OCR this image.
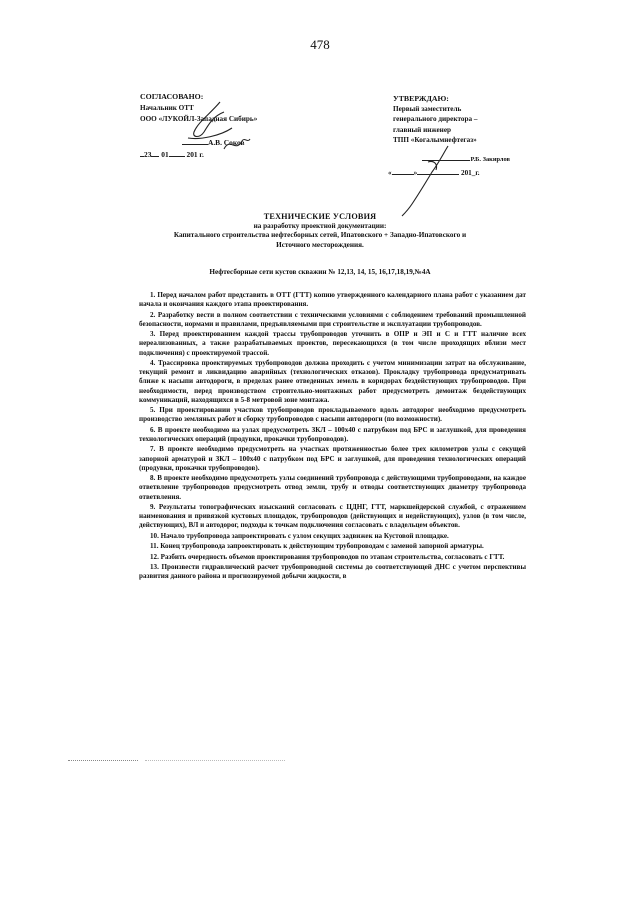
478
СОГЛАСОВАНО:
Начальник ОТТ
ООО «ЛУКОЙЛ-Западная Сибирь»
А.В. Соков
23 01 201 г.
УТВЕРЖДАЮ:
Первый заместитель
генерального директора –
главный инженер
ТПП «Когалымнефтегаз»
Р.Б. Закирлов
«	»	201_г.
ТЕХНИЧЕСКИЕ УСЛОВИЯ
на разработку проектной документации:
Капитального строительства нефтесборных сетей, Ипатовского + Западно-Ипатовского и
Источного месторождения.
Нефтесборные сети кустов скважин № 12,13, 14, 15, 16,17,18,19,№4А

1. Перед началом работ представить в ОТТ (ГТТ) копию утвержденного календарного плана работ с указанием дат начала и окончания каждого этапа проектирования.

2. Разработку вести в полном соответствии с техническими условиями с соблюдением требований промышленной безопасности, нормами и правилами, предъявляемыми при строительстве и эксплуатации трубопроводов.

3. Перед проектированием каждой трассы трубопроводов уточнить в ОПР и ЭП и С и ГТТ наличие всех нереализованных, а также разрабатываемых проектов, пересекающихся (в том числе проходящих вблизи мест подключения) с проектируемой трассой.

4. Трассировка проектируемых трубопроводов должна проходить с учетом минимизации затрат на обслуживание, текущий ремонт и ликвидацию аварийных (технологических отказов). Прокладку трубопровода предусматривать ближе к насыпи автодороги, в пределах ранее отведенных земель в коридорах бездействующих трубопроводов. При необходимости, перед производством строительно-монтажных работ предусмотреть демонтаж бездействующих коммуникаций, находящихся в 5-8 метровой зоне монтажа.

5. При проектировании участков трубопроводов прокладываемого вдоль автодорог необходимо предусмотреть производство земляных работ и сборку трубопроводов с насыпи автодороги (по возможности).

6. В проекте необходимо на узлах предусмотреть ЗКЛ – 100х40 с патрубком под БРС и заглушкой, для проведения технологических операций (продувки, прокачки трубопроводов).

7. В проекте необходимо предусмотреть на участках протяженностью более трех километров узлы с секущей запорной арматурой и ЗКЛ – 100х40 с патрубком под БРС и заглушкой, для проведения технологических операций (продувки, прокачки трубопроводов).

8. В проекте необходимо предусмотреть узлы соединений трубопровода с действующими трубопроводами, на каждое ответвление трубопроводов предусмотреть отвод земли, трубу и отводы соответствующих диаметру трубопровода ответвления.

9. Результаты топографических изысканий согласовать с ЦДНГ, ГТТ, маркшейдерской службой, с отражением наименования и привязкой кустовых площадок, трубопроводов (действующих и недействующих), узлов (в том числе, действующих), ВЛ и автодорог, подходы к точкам подключения согласовать с владельцем объектов.

10. Начало трубопровода запроектировать с узлом секущих задвижек на Кустовой площадке.

11. Конец трубопровода запроектировать к действующим трубопроводам с заменой запорной арматуры.

12. Разбить очередность объемов проектирования трубопроводов по этапам строительства, согласовать с ГТТ.

13. Произвести гидравлический расчет трубопроводной системы до соответствующей ДНС с учетом перспективы развития данного района и прогнозируемой добычи жидкости, в
